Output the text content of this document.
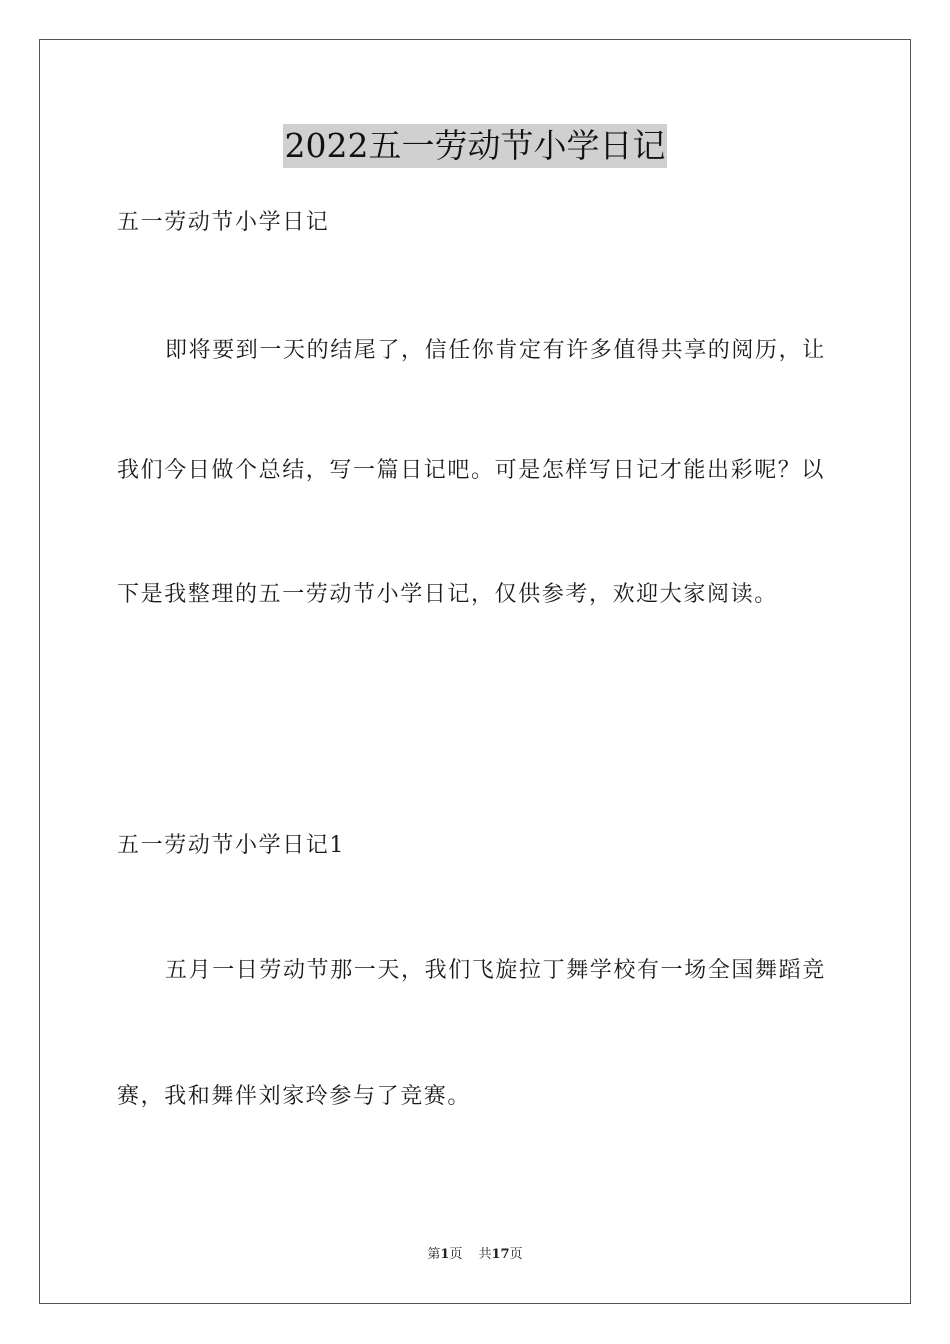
2022五一劳动节小学日记
五一劳动节小学日记
即将要到一天的结尾了，信任你肯定有许多值得共享的阅历，让
我们今日做个总结，写一篇日记吧。可是怎样写日记才能出彩呢？以
下是我整理的五一劳动节小学日记，仅供参考，欢迎大家阅读。
五一劳动节小学日记1
五月一日劳动节那一天，我们飞旋拉丁舞学校有一场全国舞蹈竞
赛，我和舞伴刘家玲参与了竞赛。
第1页 共17页
